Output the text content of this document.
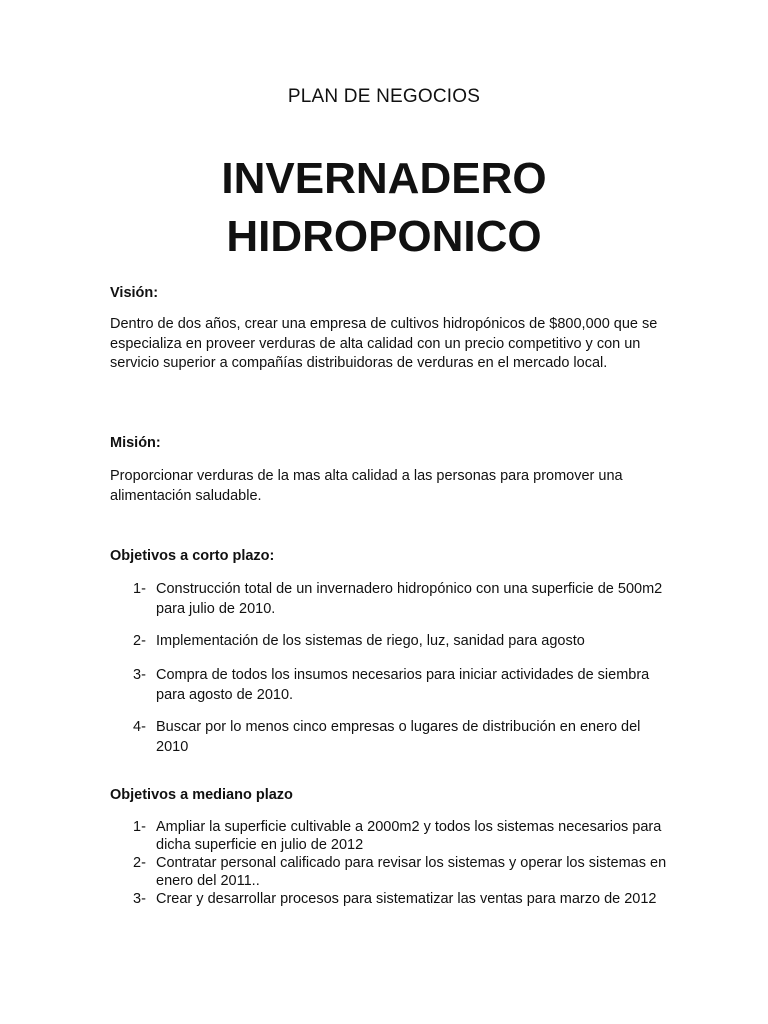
PLAN DE NEGOCIOS
INVERNADERO
HIDROPONICO
Visión:
Dentro de dos años, crear una empresa de cultivos hidropónicos de $800,000 que se especializa en proveer verduras de alta calidad con un precio competitivo y con un servicio superior a compañías distribuidoras de verduras en el mercado local.
Misión:
Proporcionar verduras de la mas alta calidad a las personas para promover una alimentación saludable.
Objetivos a corto plazo:
1- Construcción total de un invernadero hidropónico con una superficie de 500m2 para julio de 2010.
2- Implementación de los sistemas de riego, luz, sanidad para agosto
3- Compra de todos los insumos necesarios para iniciar actividades de siembra para agosto de 2010.
4- Buscar por lo menos cinco empresas o lugares de distribución en enero del 2010
Objetivos a mediano plazo
1- Ampliar la superficie cultivable a 2000m2 y todos los sistemas necesarios para dicha superficie en julio de 2012
2- Contratar personal calificado para revisar los sistemas y operar los sistemas en enero del 2011..
3- Crear y desarrollar procesos para sistematizar las ventas para marzo de 2012
